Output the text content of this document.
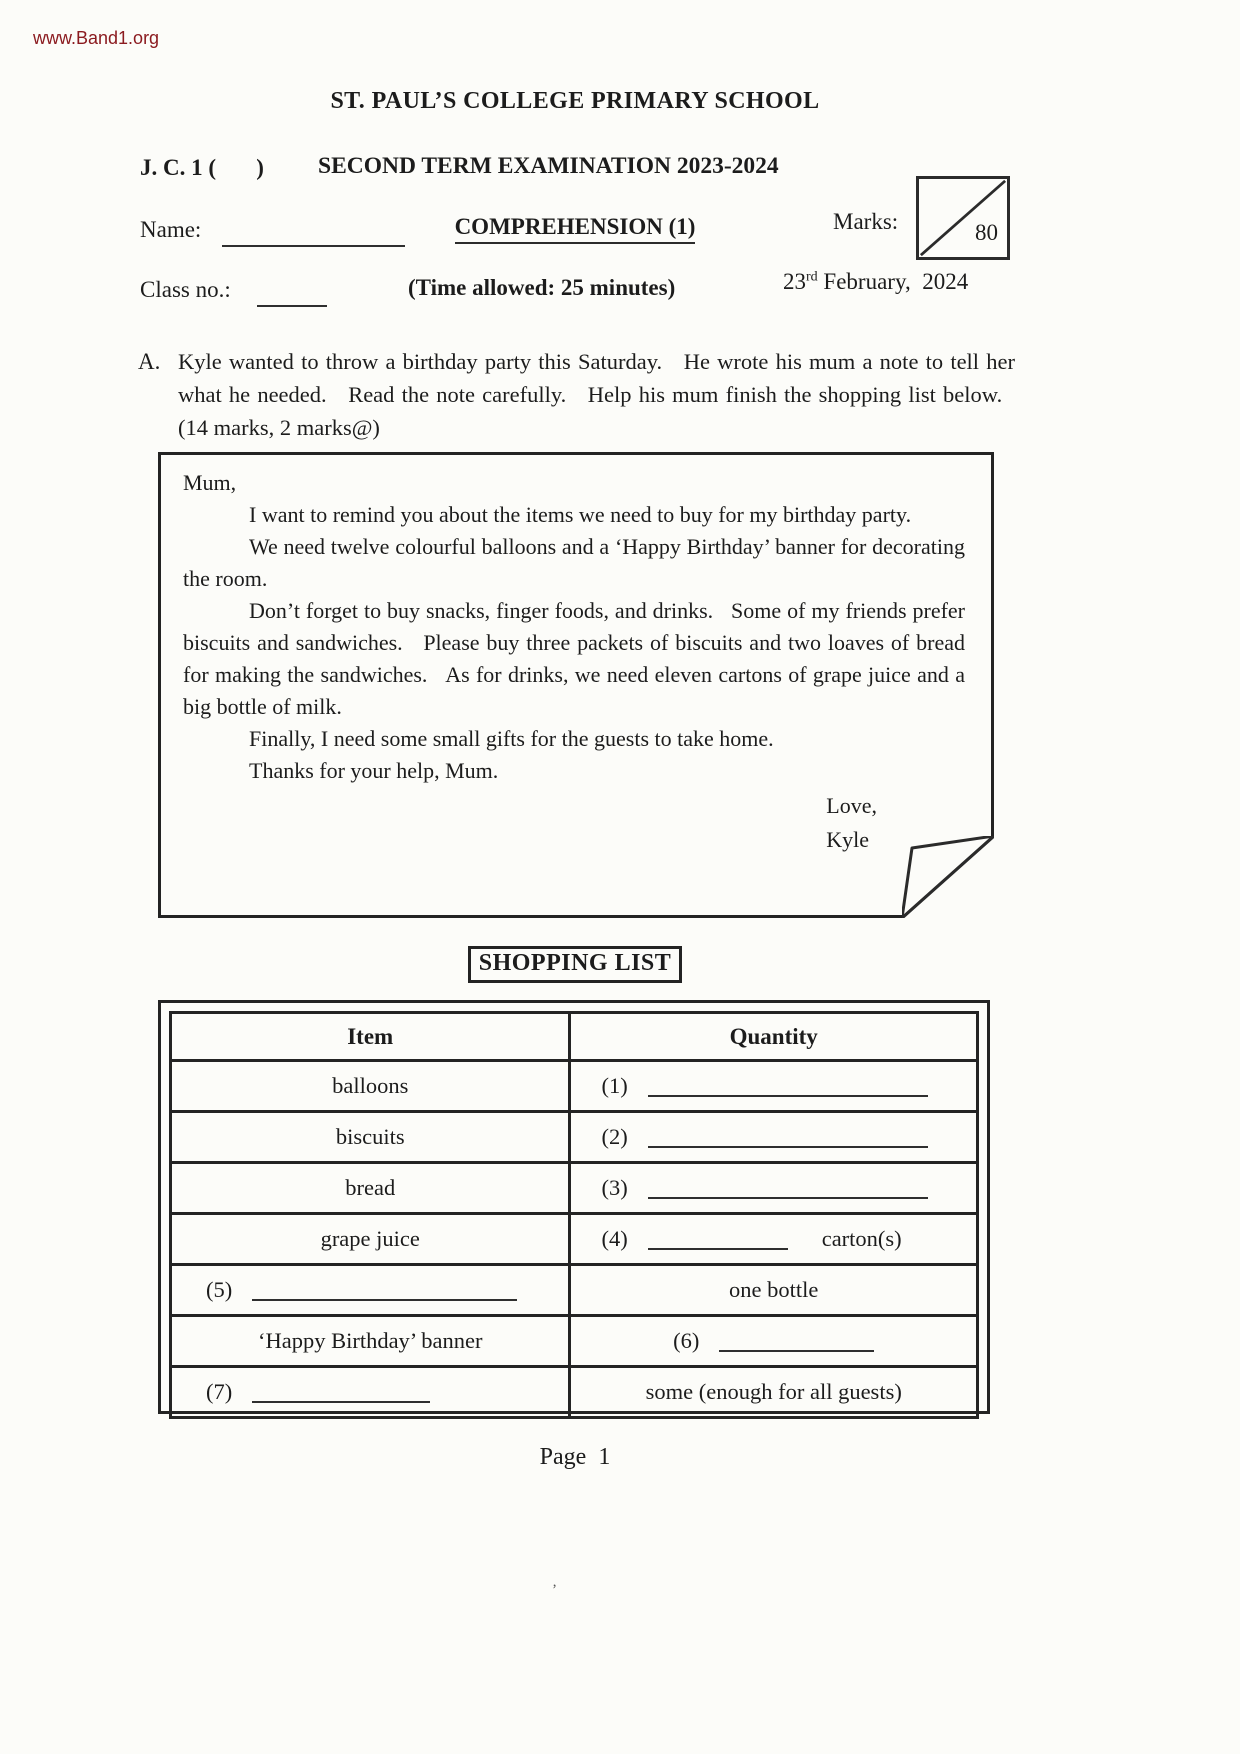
www.Band1.org
ST. PAUL’S COLLEGE PRIMARY SCHOOL
J. C. 1 (       ) SECOND TERM EXAMINATION 2023-2024
Name:	COMPREHENSION (1)	Marks:	80
Class no.:	(Time allowed: 25 minutes)	23rd February,  2024
A. Kyle wanted to throw a birthday party this Saturday.   He wrote his mum a note to tell her what he needed.   Read the note carefully.   Help his mum finish the shopping list below.   (14 marks, 2 marks@)

Mum,

I want to remind you about the items we need to buy for my birthday party.

We need twelve colourful balloons and a ‘Happy Birthday’ banner for decorating the room.

Don’t forget to buy snacks, finger foods, and drinks.   Some of my friends prefer biscuits and sandwiches.   Please buy three packets of biscuits and two loaves of bread for making the sandwiches.   As for drinks, we need eleven cartons of grape juice and a big bottle of milk.

Finally, I need some small gifts for the guests to take home.

Thanks for your help, Mum.

Love,
Kyle
SHOPPING LIST
Item	Quantity
balloons	(1)
biscuits	(2)
bread	(3)
grape juice	(4) carton(s)
(5)	one bottle
‘Happy Birthday’ banner	(6)
(7)	some (enough for all guests)
Page  1
’
